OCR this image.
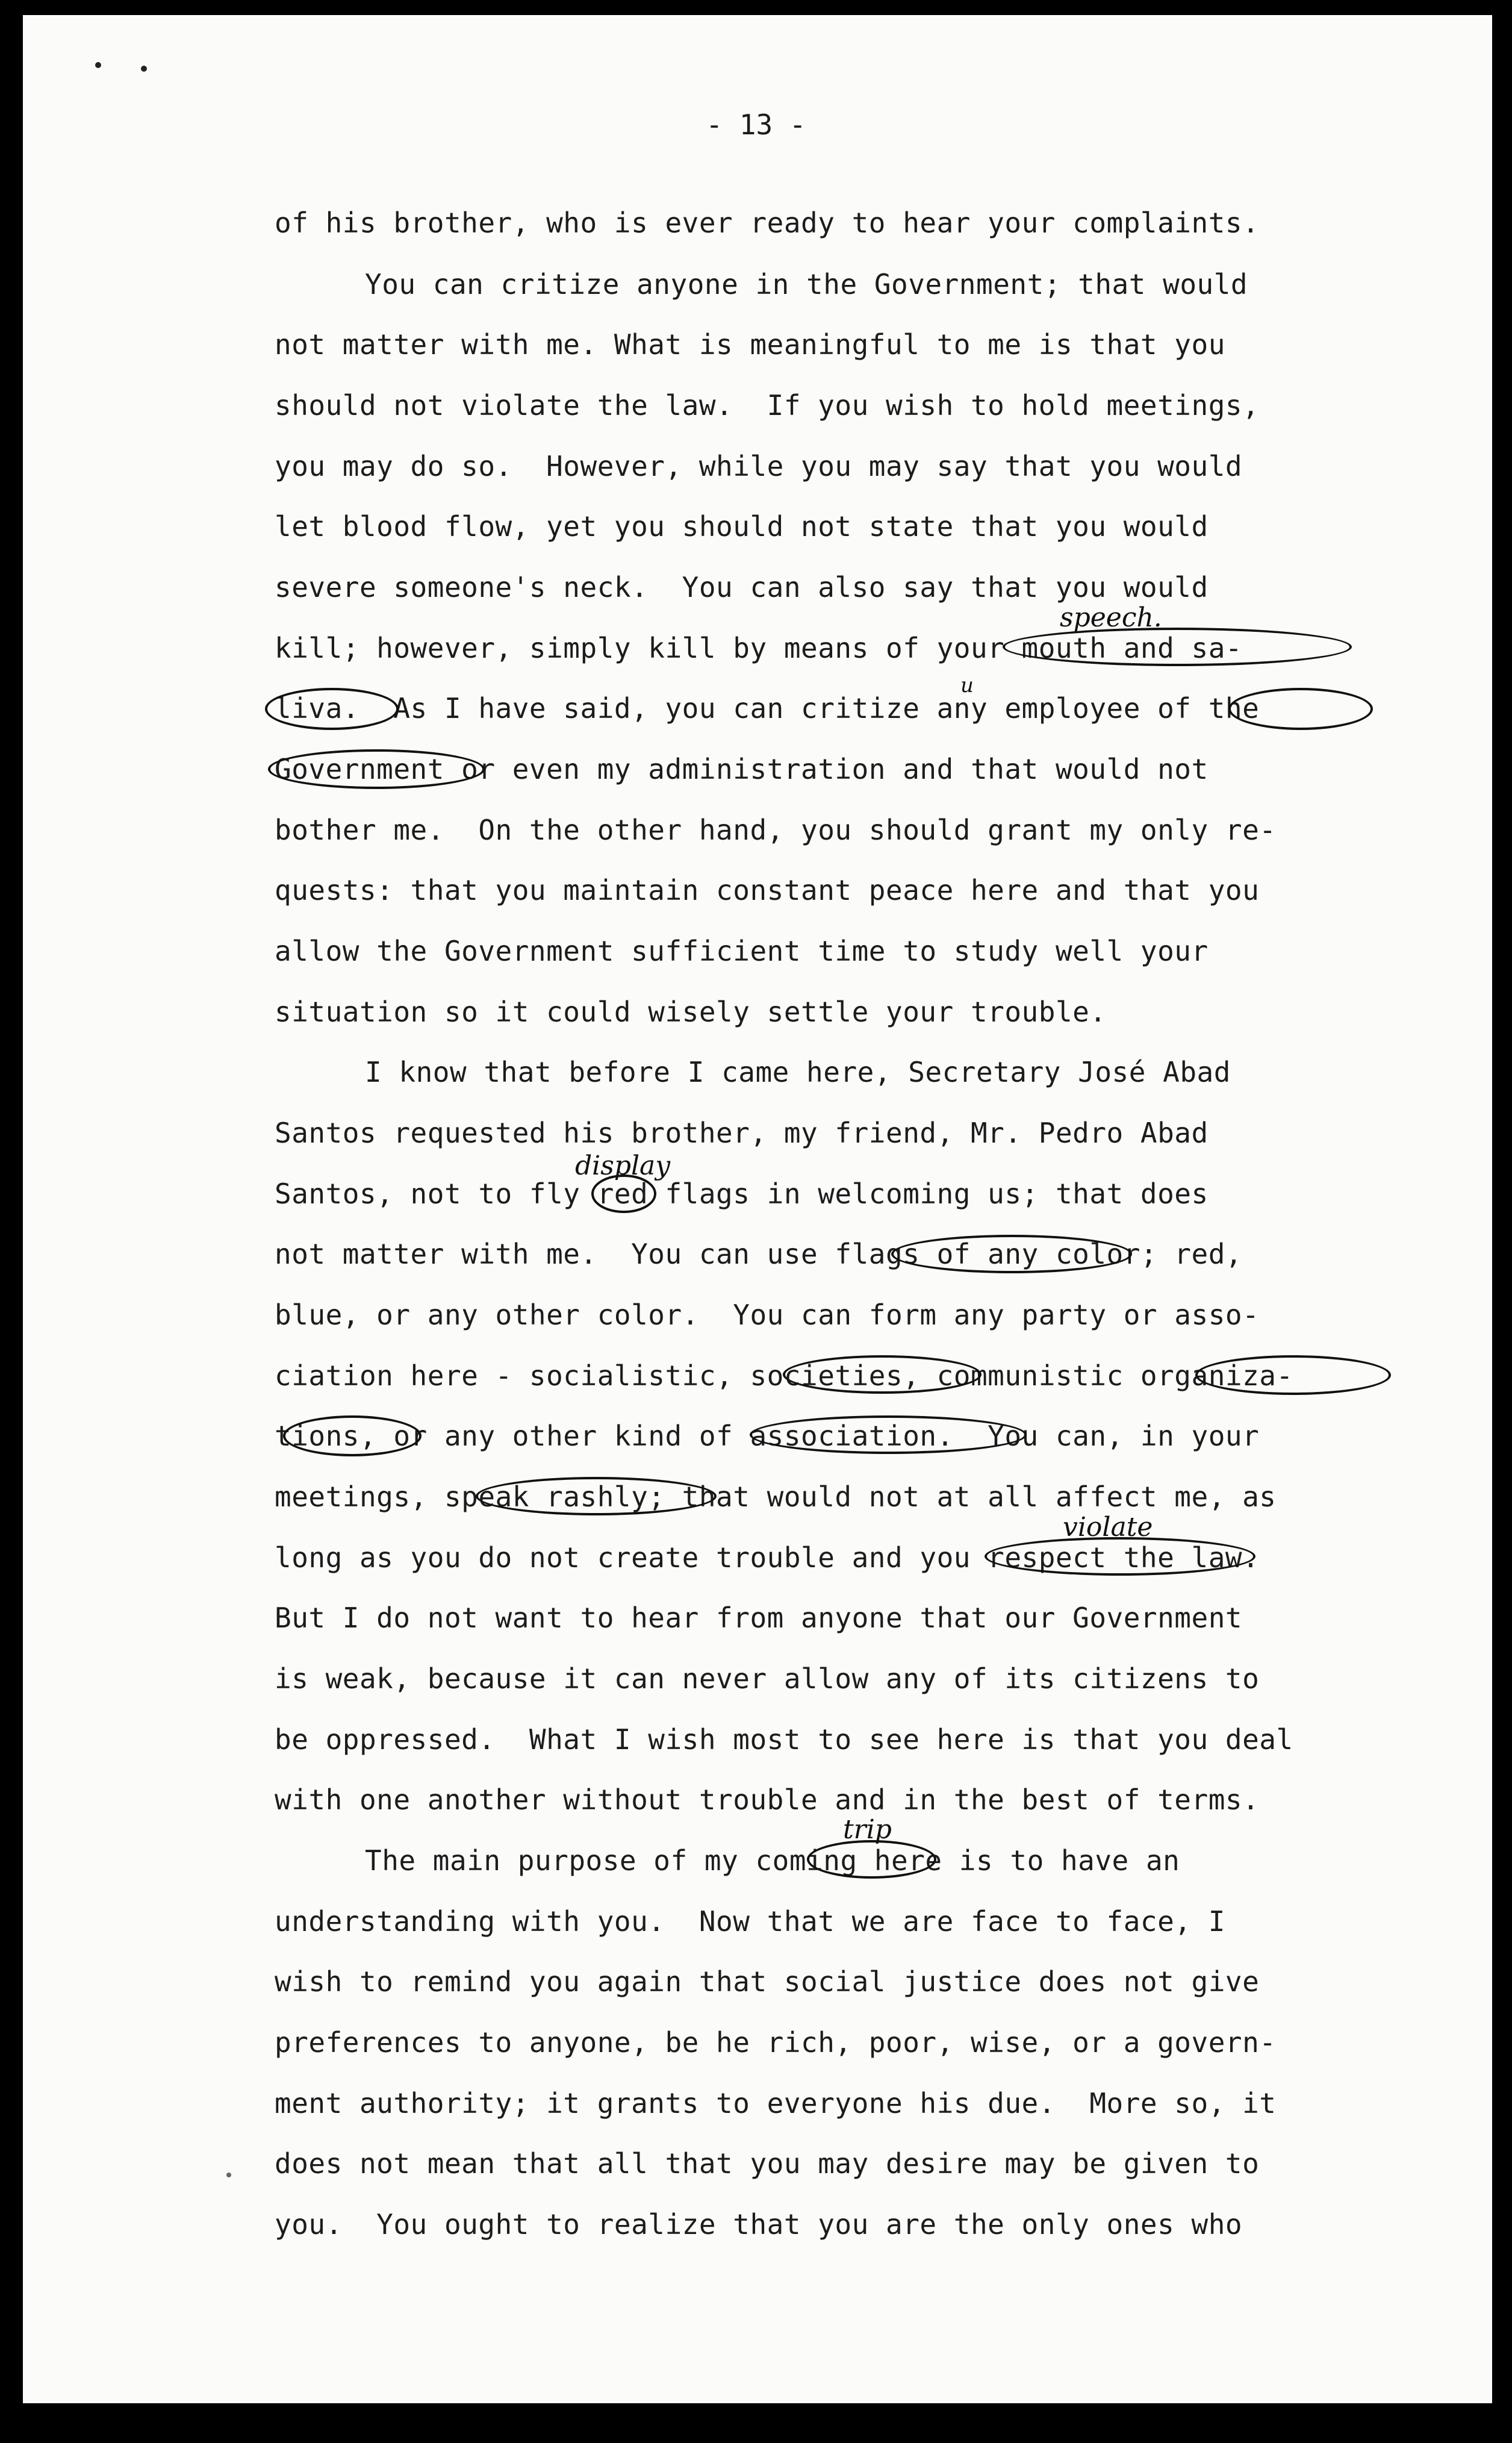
- 13 -
of his brother, who is ever ready to hear your complaints.
You can critize anyone in the Government; that would
not matter with me. What is meaningful to me is that you
should not violate the law.  If you wish to hold meetings,
you may do so.  However, while you may say that you would
let blood flow, yet you should not state that you would
severe someone's neck.  You can also say that you would
kill; however, simply kill by means of your mouth and sa-
liva.  As I have said, you can critize any employee of the
Government or even my administration and that would not
bother me.  On the other hand, you should grant my only re-
quests: that you maintain constant peace here and that you
allow the Government sufficient time to study well your
situation so it could wisely settle your trouble.
I know that before I came here, Secretary José Abad
Santos requested his brother, my friend, Mr. Pedro Abad
Santos, not to fly red flags in welcoming us; that does
not matter with me.  You can use flags of any color; red,
blue, or any other color.  You can form any party or asso-
ciation here - socialistic, societies, communistic organiza-
tions, or any other kind of association.  You can, in your
meetings, speak rashly; that would not at all affect me, as
long as you do not create trouble and you respect the law.
But I do not want to hear from anyone that our Government
is weak, because it can never allow any of its citizens to
be oppressed.  What I wish most to see here is that you deal
with one another without trouble and in the best of terms.
The main purpose of my coming here is to have an
understanding with you.  Now that we are face to face, I
wish to remind you again that social justice does not give
preferences to anyone, be he rich, poor, wise, or a govern-
ment authority; it grants to everyone his due.  More so, it
does not mean that all that you may desire may be given to
you.  You ought to realize that you are the only ones who
speech.
u
display
violate
trip
